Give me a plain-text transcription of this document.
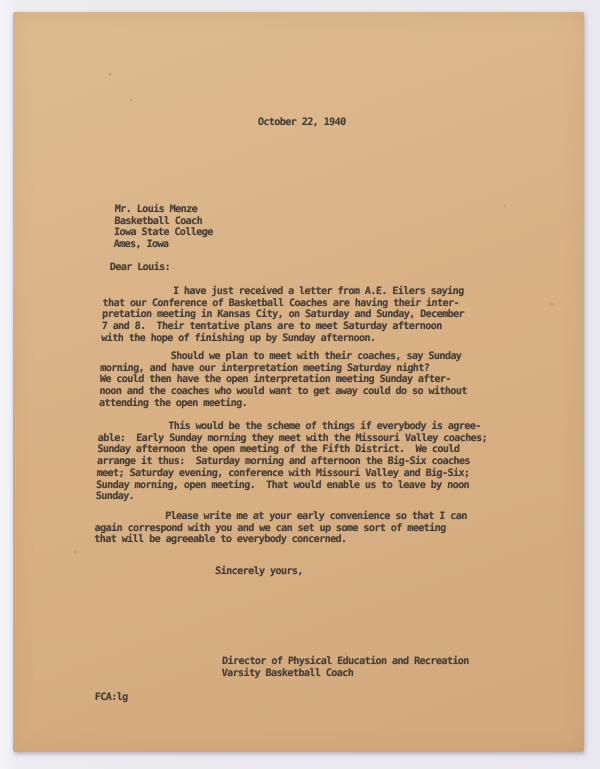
October 22, 1940
Mr. Louis Menze
Basketball Coach
Iowa State College
Ames, Iowa
Dear Louis:
I have just received a letter from A.E. Eilers saying
that our Conference of Basketball Coaches are having their inter-
pretation meeting in Kansas City, on Saturday and Sunday, December
7 and 8.  Their tentative plans are to meet Saturday afternoon
with the hope of finishing up by Sunday afternoon.
Should we plan to meet with their coaches, say Sunday
morning, and have our interpretation meeting Saturday night?
We could then have the open interpretation meeting Sunday after-
noon and the coaches who would want to get away could do so without
attending the open meeting.
This would be the scheme of things if everybody is agree-
able:  Early Sunday morning they meet with the Missouri Valley coaches;
Sunday afternoon the open meeting of the Fifth District.  We could
arrange it thus:  Saturday morning and afternoon the Big-Six coaches
meet; Saturday evening, conference with Missouri Valley and Big-Six;
Sunday morning, open meeting.  That would enable us to leave by noon
Sunday.
Please write me at your early convenience so that I can
again correspond with you and we can set up some sort of meeting
that will be agreeable to everybody concerned.
Sincerely yours,
Director of Physical Education and Recreation
Varsity Basketball Coach
FCA:lg
